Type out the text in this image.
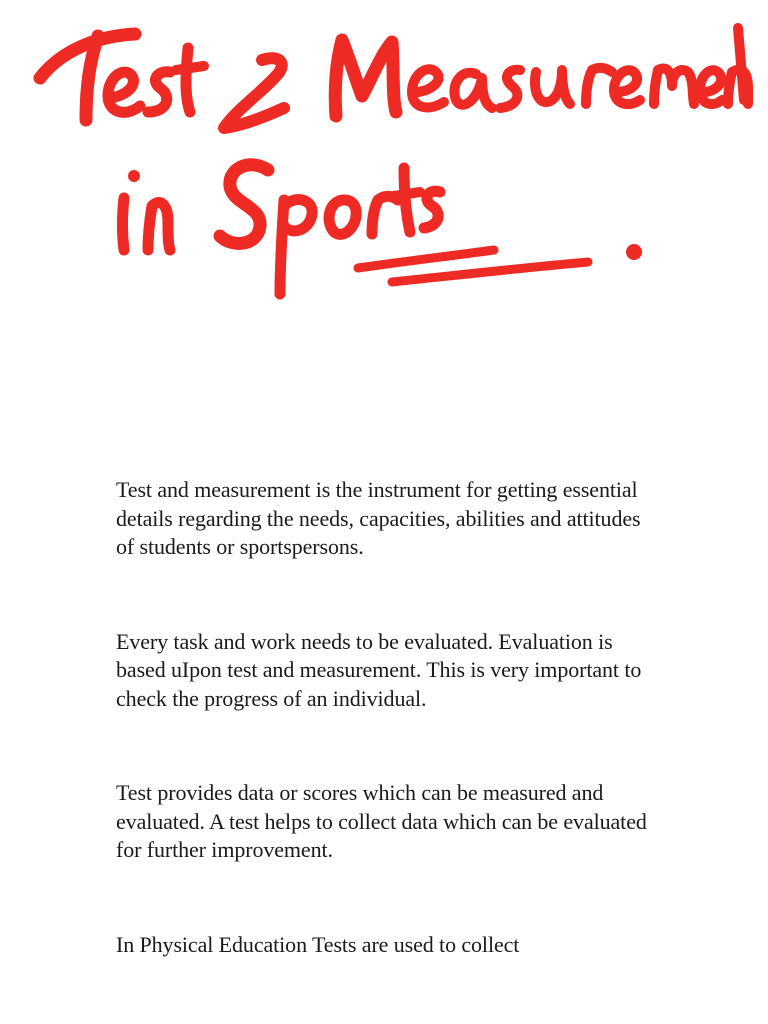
Test and measurement is the instrument for getting essential details regarding the needs, capacities, abilities and attitudes of students or sportspersons.

Every task and work needs to be evaluated. Evaluation is based uIpon test and measurement. This is very important to check the progress of an individual.

Test provides data or scores which can be measured and evaluated. A test helps to collect data which can be evaluated for further improvement.

In Physical Education Tests are used to collect
